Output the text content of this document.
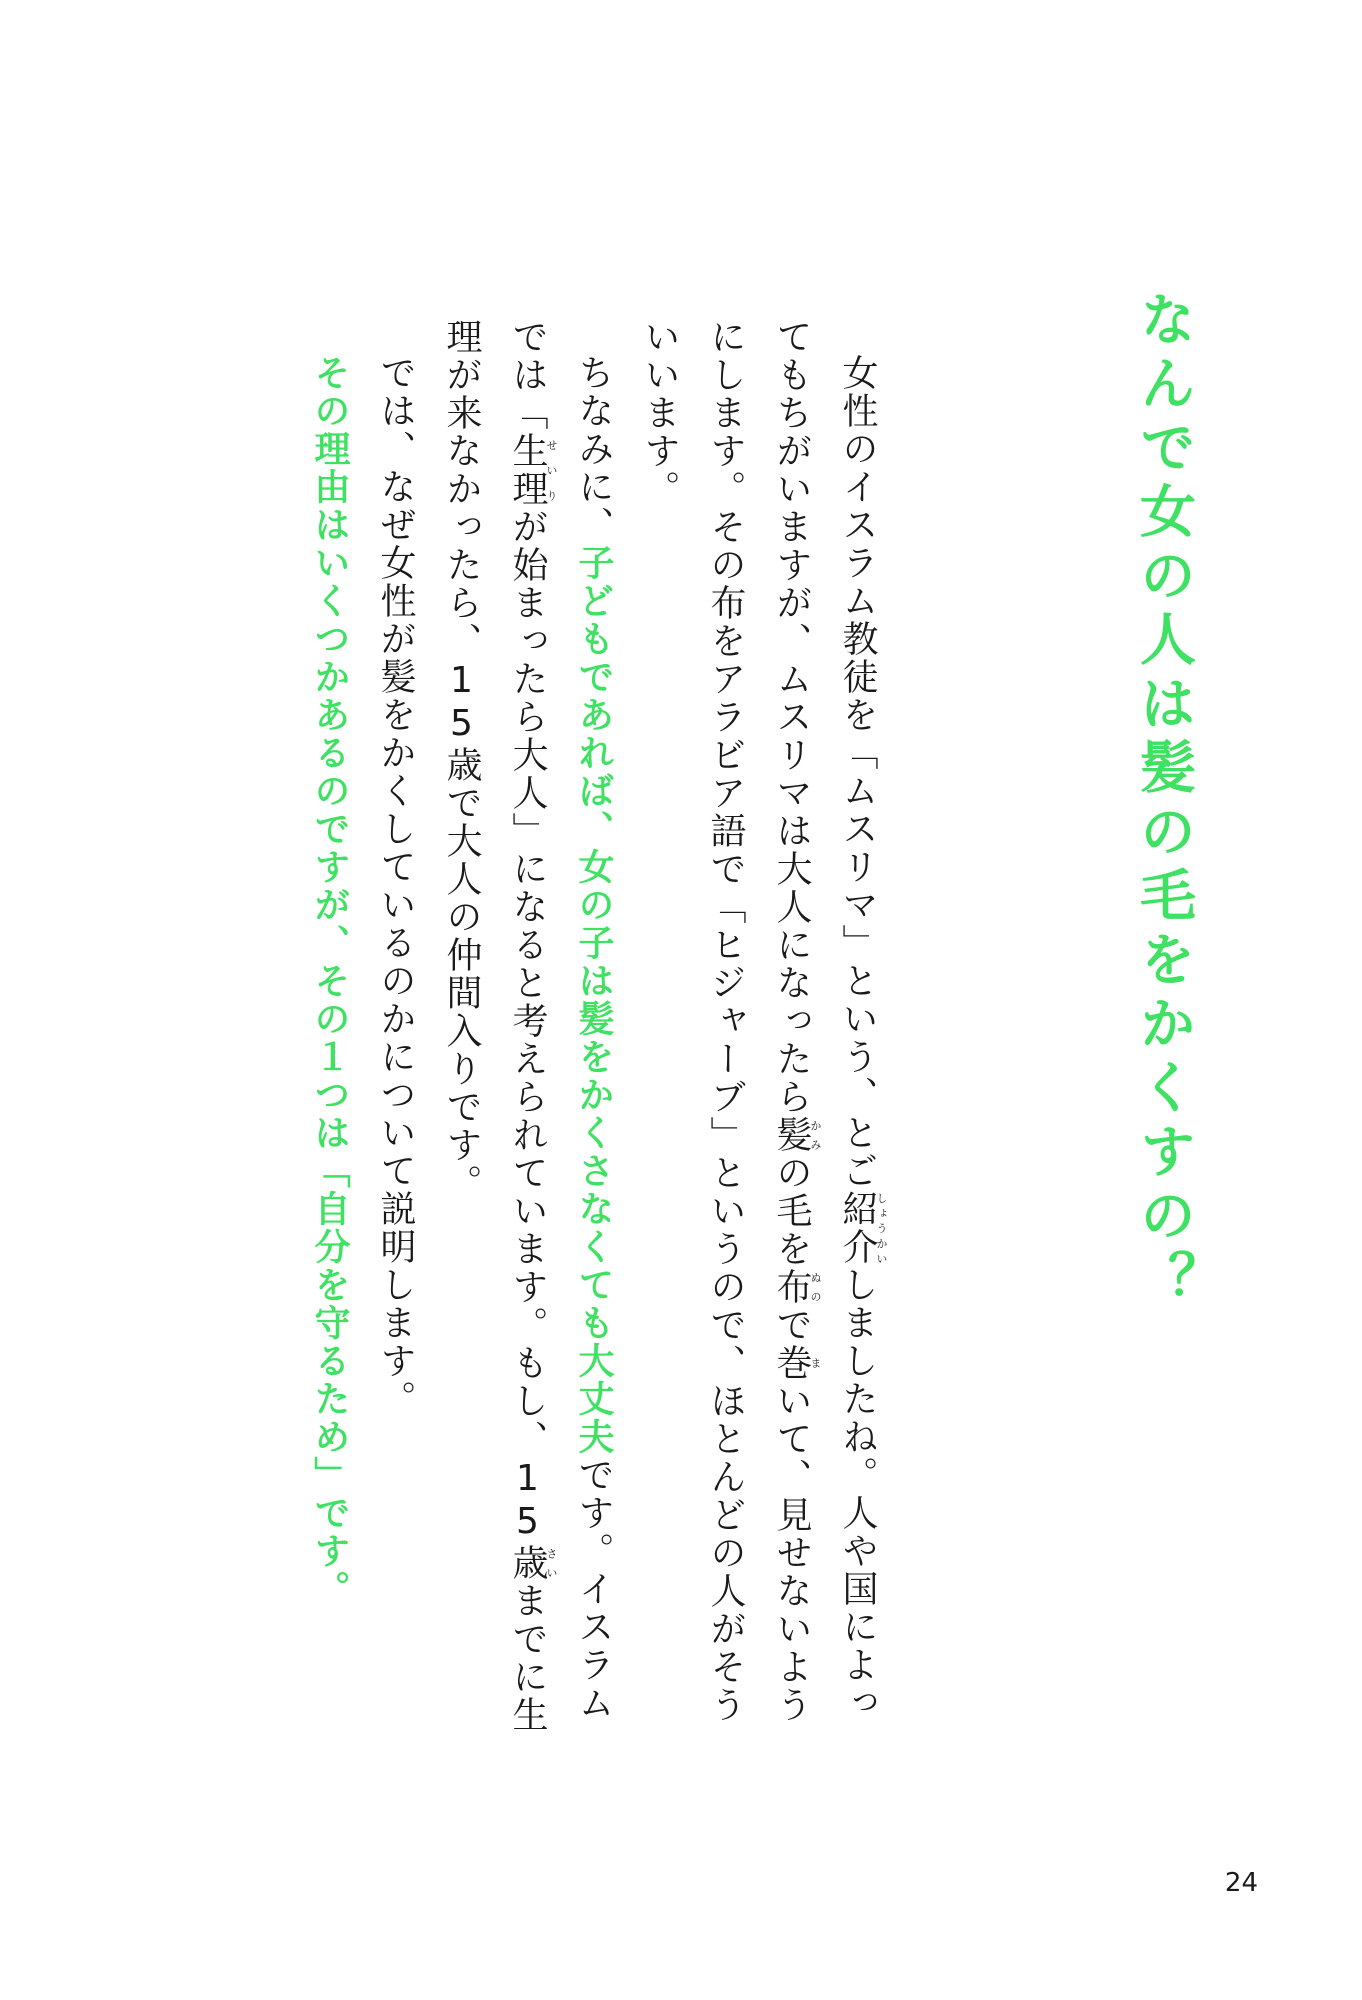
なんで女の人は髪の毛をかくすの？

女性のイスラム教徒を「ムスリマ」という、とご紹介しょうかいしましたね。人や国によってもちがいますが、ムスリマは大人になったら髪かみの毛を布ぬので巻まいて、見せないようにします。その布をアラビア語で「ヒジャーブ」というので、ほとんどの人がそういいます。

ちなみに、子どもであれば、女の子は髪をかくさなくても大丈夫です。イスラムでは「生理せいりが始まったら大人」になると考えられています。もし、15歳さいまでに生理が来なかったら、15歳で大人の仲間入りです。

では、なぜ女性が髪をかくしているのかについて説明します。

その理由はいくつかあるのですが、その１つは「自分を守るため」です。

24
